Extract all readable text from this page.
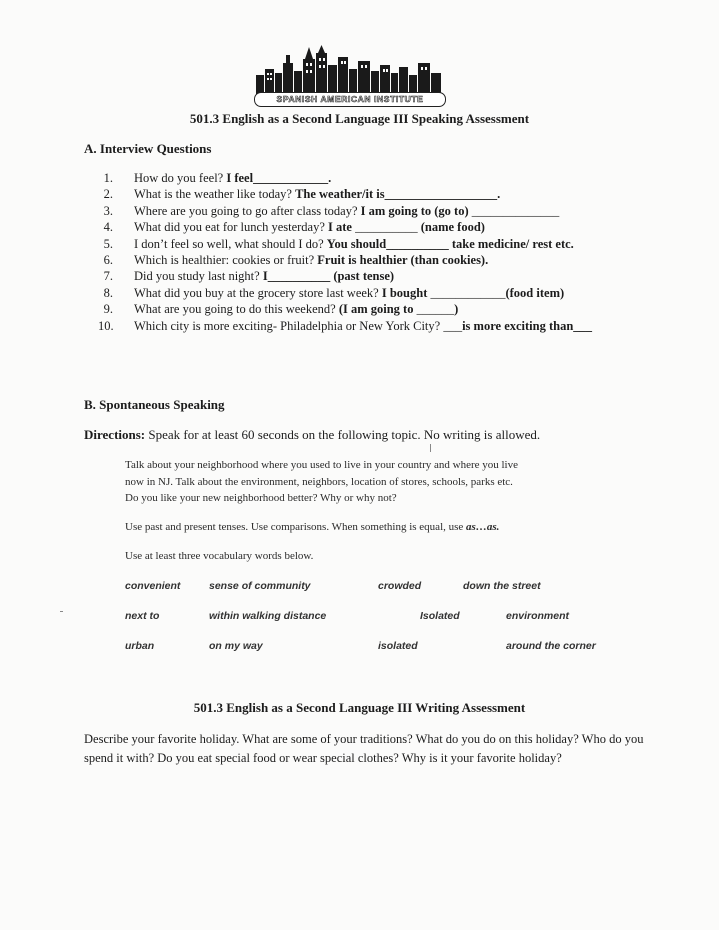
SPANISH AMERICAN INSTITUTE
501.3 English as a Second Language III Speaking Assessment
A. Interview Questions
1 . How do you feel? I feel____________.
2 . What is the weather like today? The weather/it is__________________.
3 . Where are you going to go after class today? I am going to (go to) ______________
4 . What did you eat for lunch yesterday? I ate __________ (name food)
5 . I don’t feel so well, what should I do? You should__________ take medicine/ rest etc.
6 . Which is healthier: cookies or fruit? Fruit is healthier (than cookies).
7 . Did you study last night? I__________ (past tense)
8 . What did you buy at the grocery store last week? I bought ____________(food item)
9 . What are you going to do this weekend? (I am going to ______)
10 . Which city is more exciting- Philadelphia or New York City? ___is more exciting than___
B. Spontaneous Speaking
Directions: Speak for at least 60 seconds on the following topic. No writing is allowed.
Talk about your neighborhood where you used to live in your country and where you live
now in NJ. Talk about the environment, neighbors, location of stores, schools, parks etc.
Do you like your new neighborhood better? Why or why not?
Use past and present tenses. Use comparisons. When something is equal, use as…as.
Use at least three vocabulary words below.
convenient	sense of community	crowded	down the street
next to	within walking distance	Isolated	environment
urban	on my way	isolated	around the corner
501.3 English as a Second Language III Writing Assessment
Describe your favorite holiday. What are some of your traditions? What do you do on this holiday? Who do you spend it with? Do you eat special food or wear special clothes? Why is it your favorite holiday?
